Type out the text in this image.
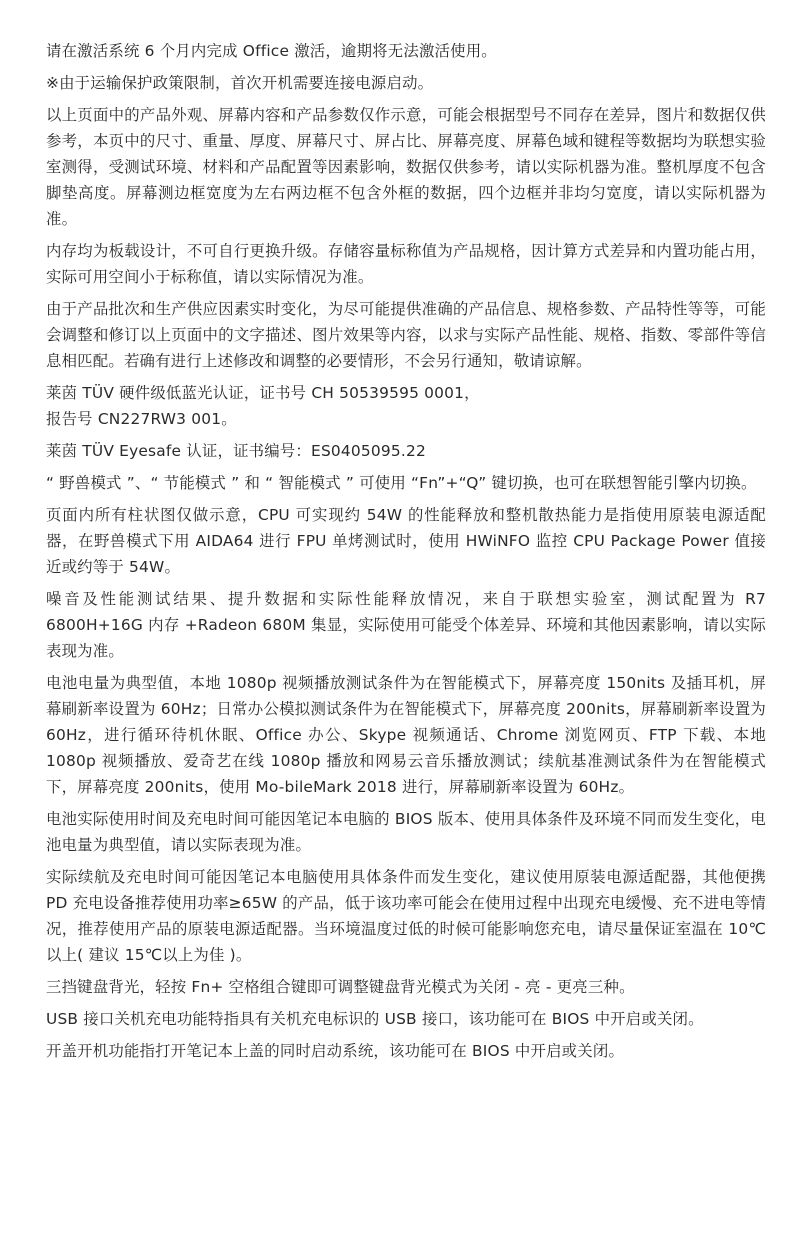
请在激活系统 6 个月内完成 Office 激活，逾期将无法激活使用。

※由于运输保护政策限制，首次开机需要连接电源启动。

以上页面中的产品外观、屏幕内容和产品参数仅作示意，可能会根据型号不同存在差异，图片和数据仅供参考，本页中的尺寸、重量、厚度、屏幕尺寸、屏占比、屏幕亮度、屏幕色域和键程等数据均为联想实验室测得，受测试环境、材料和产品配置等因素影响，数据仅供参考，请以实际机器为准。整机厚度不包含脚垫高度。屏幕测边框宽度为左右两边框不包含外框的数据，四个边框并非均匀宽度，请以实际机器为准。

内存均为板载设计，不可自行更换升级。存储容量标称值为产品规格，因计算方式差异和内置功能占用，实际可用空间小于标称值，请以实际情况为准。

由于产品批次和生产供应因素实时变化，为尽可能提供准确的产品信息、规格参数、产品特性等等，可能会调整和修订以上页面中的文字描述、图片效果等内容，以求与实际产品性能、规格、指数、零部件等信息相匹配。若确有进行上述修改和调整的必要情形，不会另行通知，敬请谅解。

莱茵 TÜV 硬件级低蓝光认证，证书号 CH 50539595 0001，
报告号 CN227RW3 001。

莱茵 TÜV Eyesafe 认证，证书编号：ES0405095.22

“ 野兽模式 ”、“ 节能模式 ” 和 “ 智能模式 ” 可使用 “Fn”+“Q” 键切换，也可在联想智能引擎内切换。

页面内所有柱状图仅做示意，CPU 可实现约 54W 的性能释放和整机散热能力是指使用原装电源适配器，在野兽模式下用 AIDA64 进行 FPU 单烤测试时，使用 HWiNFO 监控 CPU Package Power 值接近或约等于 54W。

噪音及性能测试结果、提升数据和实际性能释放情况，来自于联想实验室，测试配置为 R7 6800H+16G 内存 +Radeon 680M 集显，实际使用可能受个体差异、环境和其他因素影响，请以实际表现为准。

电池电量为典型值，本地 1080p 视频播放测试条件为在智能模式下，屏幕亮度 150nits 及插耳机，屏幕刷新率设置为 60Hz；日常办公模拟测试条件为在智能模式下，屏幕亮度 200nits，屏幕刷新率设置为 60Hz，进行循环待机休眠、Office 办公、Skype 视频通话、Chrome 浏览网页、FTP 下载、本地 1080p 视频播放、爱奇艺在线 1080p 播放和网易云音乐播放测试；续航基准测试条件为在智能模式下，屏幕亮度 200nits，使用 Mo-bileMark 2018 进行，屏幕刷新率设置为 60Hz。

电池实际使用时间及充电时间可能因笔记本电脑的 BIOS 版本、使用具体条件及环境不同而发生变化，电池电量为典型值，请以实际表现为准。

实际续航及充电时间可能因笔记本电脑使用具体条件而发生变化，建议使用原装电源适配器，其他便携 PD 充电设备推荐使用功率≥65W 的产品，低于该功率可能会在使用过程中出现充电缓慢、充不进电等情况，推荐使用产品的原装电源适配器。当环境温度过低的时候可能影响您充电，请尽量保证室温在 10℃以上( 建议 15℃以上为佳 )。

三挡键盘背光，轻按 Fn+ 空格组合键即可调整键盘背光模式为关闭 - 亮 - 更亮三种。

USB 接口关机充电功能特指具有关机充电标识的 USB 接口，该功能可在 BIOS 中开启或关闭。

开盖开机功能指打开笔记本上盖的同时启动系统，该功能可在 BIOS 中开启或关闭。
